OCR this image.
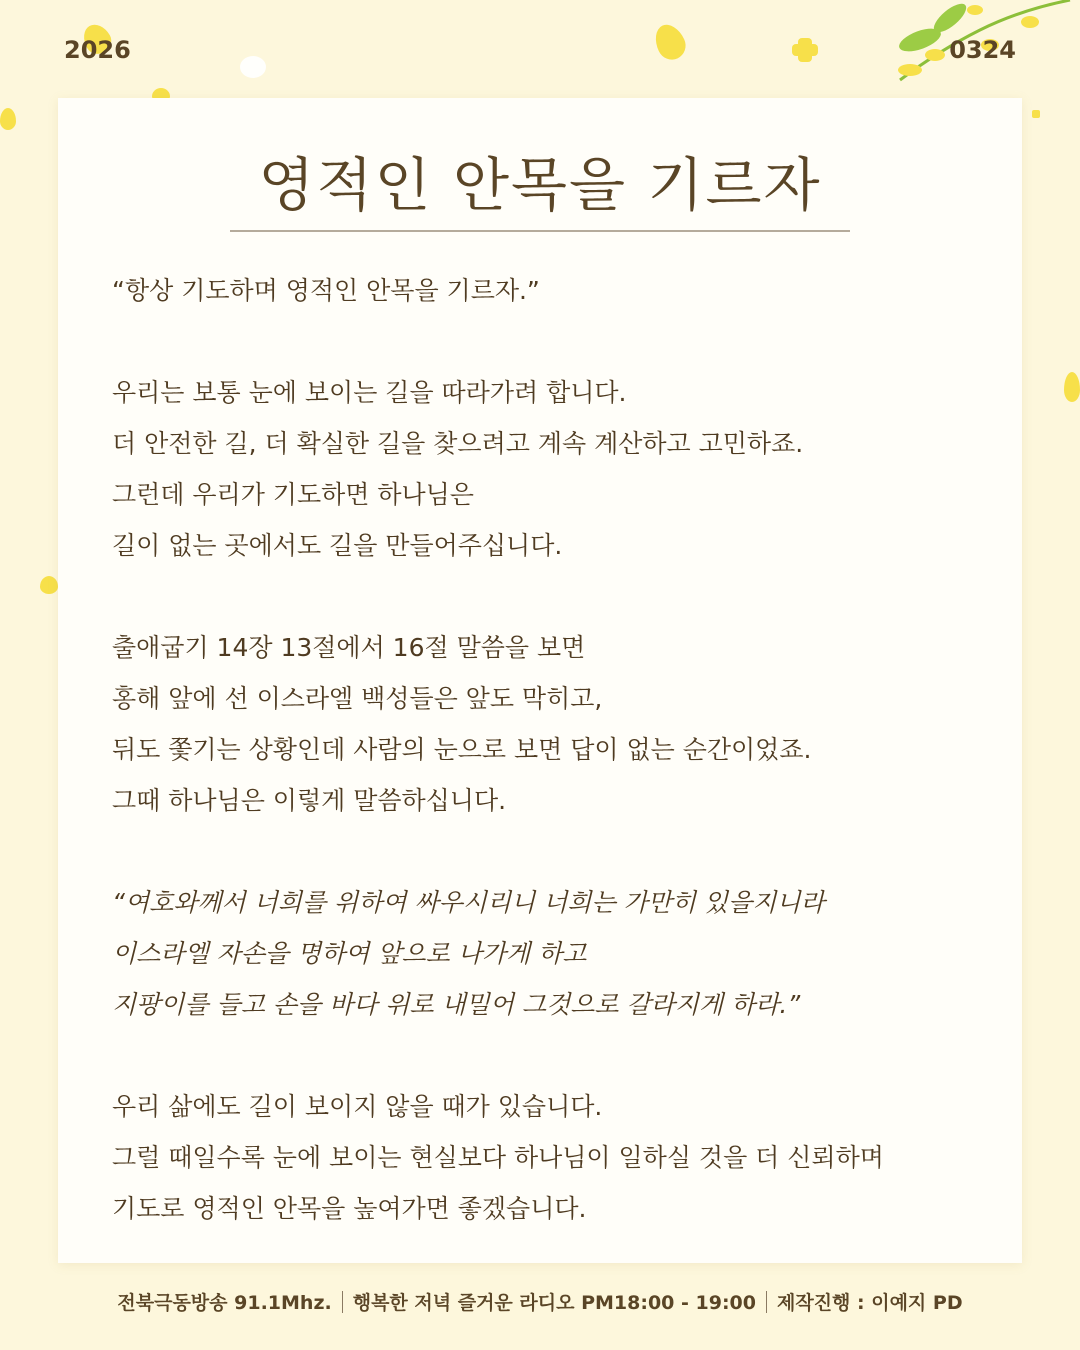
2026	0324
영적인 안목을 기르자
“항상 기도하며 영적인 안목을 기르자.”
우리는 보통 눈에 보이는 길을 따라가려 합니다.
더 안전한 길, 더 확실한 길을 찾으려고 계속 계산하고 고민하죠.
그런데 우리가 기도하면 하나님은
길이 없는 곳에서도 길을 만들어주십니다.
출애굽기 14장 13절에서 16절 말씀을 보면
홍해 앞에 선 이스라엘 백성들은 앞도 막히고,
뒤도 쫓기는 상황인데 사람의 눈으로 보면 답이 없는 순간이었죠.
그때 하나님은 이렇게 말씀하십니다.
“여호와께서 너희를 위하여 싸우시리니 너희는 가만히 있을지니라
이스라엘 자손을 명하여 앞으로 나가게 하고
지팡이를 들고 손을 바다 위로 내밀어 그것으로 갈라지게 하라.”
우리 삶에도 길이 보이지 않을 때가 있습니다.
그럴 때일수록 눈에 보이는 현실보다 하나님이 일하실 것을 더 신뢰하며
기도로 영적인 안목을 높여가면 좋겠습니다.
전북극동방송 91.1Mhz. 행복한 저녁 즐거운 라디오 PM18:00 - 19:00 제작진행 : 이예지 PD
